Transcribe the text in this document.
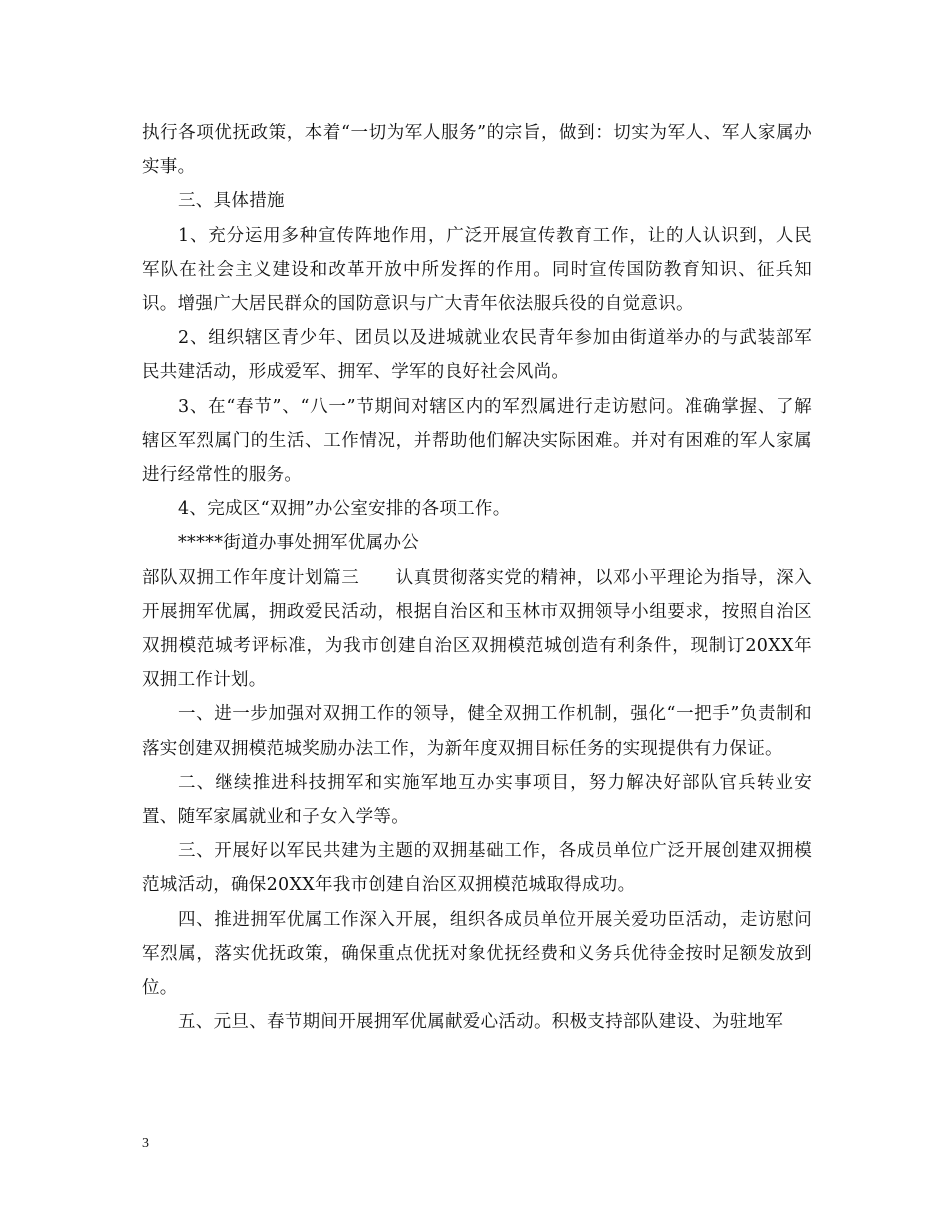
执行各项优抚政策，本着“一切为军人服务”的宗旨，做到：切实为军人、军人家属办实事。

三、具体措施

1、充分运用多种宣传阵地作用，广泛开展宣传教育工作，让的人认识到，人民军队在社会主义建设和改革开放中所发挥的作用。同时宣传国防教育知识、征兵知识。增强广大居民群众的国防意识与广大青年依法服兵役的自觉意识。

2、组织辖区青少年、团员以及进城就业农民青年参加由街道举办的与武装部军民共建活动，形成爱军、拥军、学军的良好社会风尚。

3、在“春节”、“八一”节期间对辖区内的军烈属进行走访慰问。准确掌握、了解辖区军烈属门的生活、工作情况，并帮助他们解决实际困难。并对有困难的军人家属进行经常性的服务。

4、完成区“双拥”办公室安排的各项工作。

*****街道办事处拥军优属办公

部队双拥工作年度计划篇三　　认真贯彻落实党的精神，以邓小平理论为指导，深入开展拥军优属，拥政爱民活动，根据自治区和玉林市双拥领导小组要求，按照自治区双拥模范城考评标准，为我市创建自治区双拥模范城创造有利条件，现制订20XX年双拥工作计划。

一、进一步加强对双拥工作的领导，健全双拥工作机制，强化“一把手”负责制和落实创建双拥模范城奖励办法工作，为新年度双拥目标任务的实现提供有力保证。

二、继续推进科技拥军和实施军地互办实事项目，努力解决好部队官兵转业安置、随军家属就业和子女入学等。

三、开展好以军民共建为主题的双拥基础工作，各成员单位广泛开展创建双拥模范城活动，确保20XX年我市创建自治区双拥模范城取得成功。

四、推进拥军优属工作深入开展，组织各成员单位开展关爱功臣活动，走访慰问军烈属，落实优抚政策，确保重点优抚对象优抚经费和义务兵优待金按时足额发放到位。

五、元旦、春节期间开展拥军优属献爱心活动。积极支持部队建设、为驻地军

3
